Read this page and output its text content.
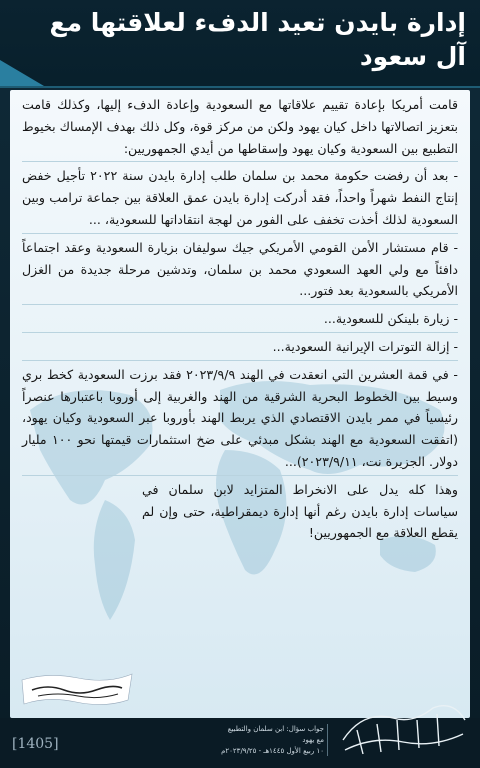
إدارة بايدن تعيد الدفء لعلاقتها مع آل سعود

قامت أمريكا بإعادة تقييم علاقاتها مع السعودية وإعادة الدفء إليها، وكذلك قامت بتعزيز اتصالاتها داخل كيان يهود ولكن من مركز قوة، وكل ذلك بهدف الإمساك بخيوط التطبيع بين السعودية وكيان يهود وإسقاطها من أيدي الجمهوريين:

- بعد أن رفضت حكومة محمد بن سلمان طلب إدارة بايدن سنة ٢٠٢٢ تأجيل خفض إنتاج النفط شهراً واحداً، فقد أدركت إدارة بايدن عمق العلاقة بين جماعة ترامب وبين السعودية لذلك أخذت تخفف على الفور من لهجة انتقاداتها للسعودية، ...

- قام مستشار الأمن القومي الأمريكي جيك سوليفان بزيارة السعودية وعقد اجتماعاً دافئاً مع ولي العهد السعودي محمد بن سلمان، وتدشين مرحلة جديدة من الغزل الأمريكي بالسعودية بعد فتور...

- زيارة بلينكن للسعودية...

- إزالة التوترات الإيرانية السعودية...

- في قمة العشرين التي انعقدت في الهند ٢٠٢٣/٩/٩ فقد برزت السعودية كخط بري وسيط بين الخطوط البحرية الشرقية من الهند والغربية إلى أوروبا باعتبارها عنصراً رئيسياً في ممر بايدن الاقتصادي الذي يربط الهند بأوروبا عبر السعودية وكيان يهود، (اتفقت السعودية مع الهند بشكل مبدئي على ضخ استثمارات قيمتها نحو ١٠٠ مليار دولار. الجزيرة نت، ٢٠٢٣/٩/١١)...

وهذا كله يدل على الانخراط المتزايد لابن سلمان في سياسات إدارة بايدن رغم أنها إدارة ديمقراطية، حتى وإن لم يقطع العلاقة مع الجمهوريين!

[1405]
جواب سؤال: ابن سلمان والتطبيع مع يهود
١٠ ربيع الأول ١٤٤٥هـ - ٢٠٢٣/٩/٢٥م
